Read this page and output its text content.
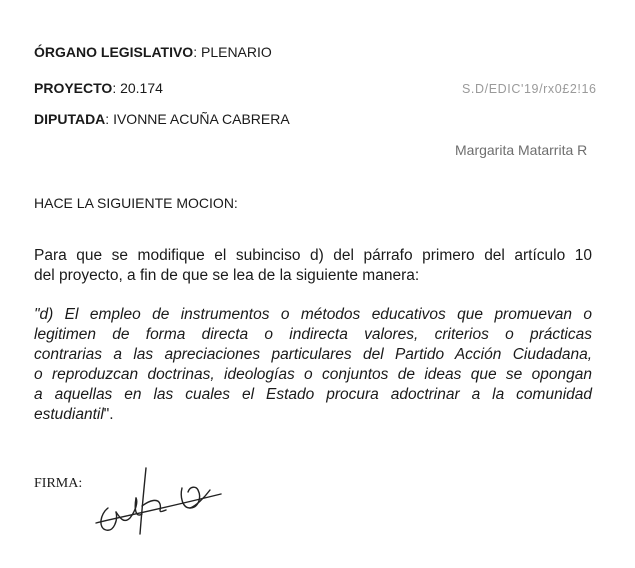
ÓRGANO LEGISLATIVO: PLENARIO
PROYECTO: 20.174
DIPUTADA: IVONNE ACUÑA CABRERA
S.D/EDIC'19/rx0£2!16
Margarita Matarrita R
HACE LA SIGUIENTE MOCION:
Para que se modifique el subinciso d) del párrafo primero del artículo 10
del proyecto, a fin de que se lea de la siguiente manera:
"d) El empleo de instrumentos o métodos educativos que promuevan o
legitimen de forma directa o indirecta valores, criterios o prácticas
contrarias a las apreciaciones particulares del Partido Acción Ciudadana,
o reproduzcan doctrinas, ideologías o conjuntos de ideas que se opongan
a aquellas en las cuales el Estado procura adoctrinar a la comunidad
estudiantil".
FIRMA:
